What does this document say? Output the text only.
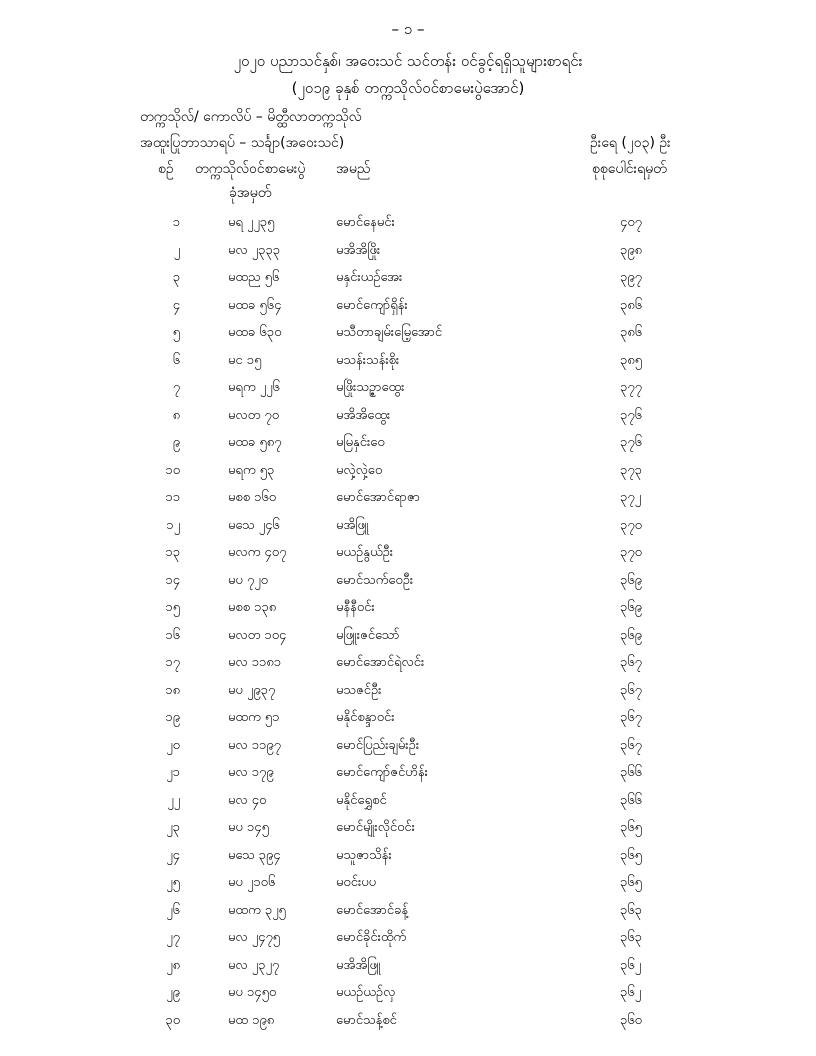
– ၁ –
၂၀၂၀ ပညာသင်နှစ်၊ အဝေးသင် သင်တန်း ဝင်ခွင့်ရရှိသူများစာရင်း
(၂၀၁၉ ခုနှစ် တက္ကသိုလ်ဝင်စာမေးပွဲအောင်)
တက္ကသိုလ်/ ကောလိပ် – မိတ္ထီလာတက္ကသိုလ်
အထူးပြုဘာသာရပ် – သင်္ချာ(အဝေးသင်)	ဦးရေ (၂၀၃) ဦး
စဉ် တက္ကသိုလ်ဝင်စာမေးပွဲ
ခုံအမှတ်
အမည်	စုစုပေါင်းရမှတ်
၁	မရ ၂၂၃၅	မောင်နေမင်း	၄၀၇
၂	မလ ၂၃၃၃	မအိအိဖြိုး	၃၉၈
၃	မထည ၅၆	မနှင်းယဉ်အေး	၃၉၇
၄	မထခ ၅၆၄	မောင်ကျော်ရှိန်း	၃၈၆
၅	မထခ ၆၃၀	မသီတာချမ်းမြေ့အောင်	၃၈၆
၆	မင ၁၅	မသန်းသန်းစိုး	၃၈၅
၇	မရက ၂၂၆	မဖြိုးသဉ္ဇာထွေး	၃၇၇
၈	မလတ ၇၀	မအိအိထွေး	၃၇၆
၉	မထခ ၅၈၇	မမြနှင်းဝေ	၃၇၆
၁၀	မရက ၅၃	မလှဲ့လှဲ့ဝေ	၃၇၃
၁၁	မစစ ၁၆၀	မောင်အောင်ရာဇာ	၃၇၂
၁၂	မသေ ၂၄၆	မအိဖြူ	၃၇၀
၁၃	မလက ၄၀၇	မယဉ်နွယ်ဦး	၃၇၀
၁၄	မပ ၇၂၀	မောင်သက်ဝေဦး	၃၆၉
၁၅	မစစ ၁၃၈	မနီနီဝင်း	၃၆၉
၁၆	မလတ ၁၀၄	မဖြူးဇင်သော်	၃၆၉
၁၇	မလ ၁၁၈၁	မောင်အောင်ရဲလင်း	၃၆၇
၁၈	မပ ၂၉၃၇	မသဇင်ဦး	၃၆၇
၁၉	မထက ၅၁	မနိုင်စန္ဒာဝင်း	၃၆၇
၂၀	မလ ၁၁၉၇	မောင်ပြည်းချမ်းဦး	၃၆၇
၂၁	မလ ၁၇၉	မောင်ကျော်ဇင်ဟိန်း	၃၆၆
၂၂	မလ ၄၀	မနိုင်ရွှေစင်	၃၆၆
၂၃	မပ ၁၄၅	မောင်မျိုးလိုင်ဝင်း	၃၆၅
၂၄	မသေ ၃၉၄	မသူဇာသိန်း	၃၆၅
၂၅	မပ ၂၁၀၆	မဝင်းပပ	၃၆၅
၂၆	မထက ၃၂၅	မောင်အောင်ခန့်	၃၆၃
၂၇	မလ ၂၄၇၅	မောင်ခိုင်းထိုက်	၃၆၃
၂၈	မလ ၂၃၂၇	မအိအိဖြူ	၃၆၂
၂၉	မပ ၁၄၅၀	မယဉ်ယဉ်လှ	၃၆၂
၃၀	မထ ၁၉၈	မောင်သန့်စင်	၃၆၀
